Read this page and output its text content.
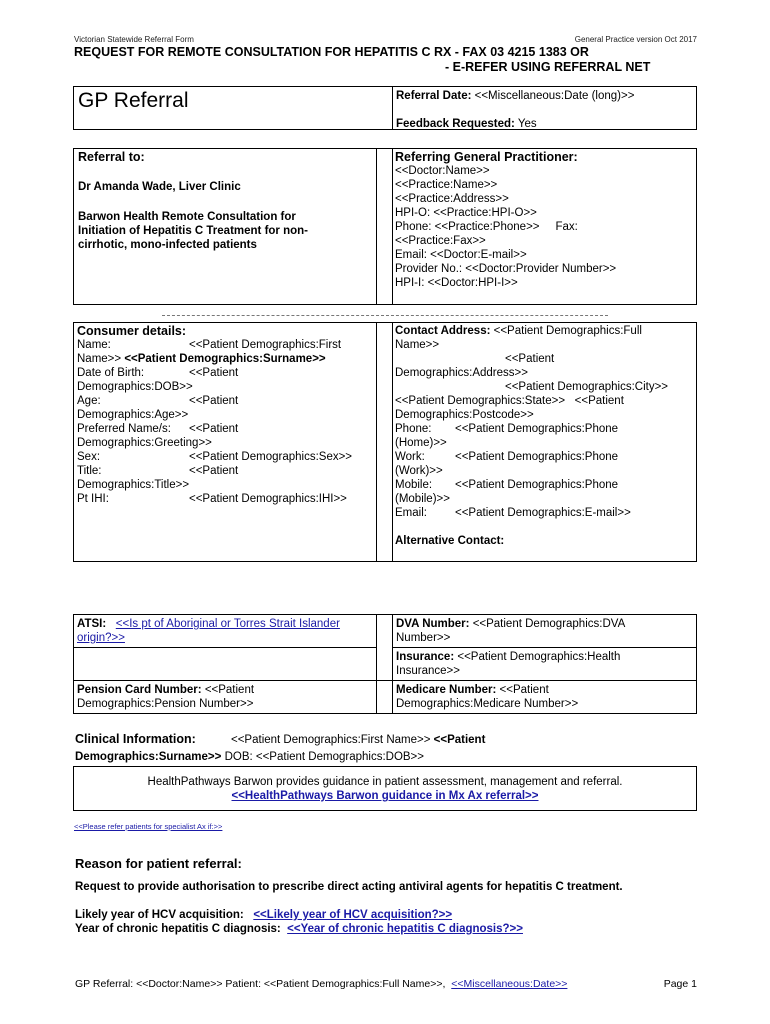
Victorian Statewide Referral Form	General Practice version Oct 2017
REQUEST FOR REMOTE CONSULTATION FOR HEPATITIS C RX - FAX 03 4215 1383 OR
- E-REFER USING REFERRAL NET
GP Referral	Referral Date: <<Miscellaneous:Date (long)>>
Feedback Requested: Yes
Referral to:
Dr Amanda Wade, Liver Clinic
Barwon Health Remote Consultation for
Initiation of Hepatitis C Treatment for non-
cirrhotic, mono-infected patients
Referring General Practitioner:
<<Doctor:Name>>
<<Practice:Name>>
<<Practice:Address>>
HPI-O: <<Practice:HPI-O>>
Phone: <<Practice:Phone>> Fax:
<<Practice:Fax>>
Email: <<Doctor:E-mail>>
Provider No.: <<Doctor:Provider Number>>
HPI-I: <<Doctor:HPI-I>>
Consumer details:
Name:	<<Patient Demographics:First
Name>> <<Patient Demographics:Surname>>
Date of Birth:	<<Patient
Demographics:DOB>>
Age:	<<Patient
Demographics:Age>>
Preferred Name/s:	<<Patient
Demographics:Greeting>>
Sex:	<<Patient Demographics:Sex>>
Title:	<<Patient
Demographics:Title>>
Pt IHI:	<<Patient Demographics:IHI>>
Contact Address: <<Patient Demographics:Full
Name>>
<<Patient
Demographics:Address>>
<<Patient Demographics:City>>
<<Patient Demographics:State>> <<Patient
Demographics:Postcode>>
Phone:	<<Patient Demographics:Phone
(Home)>>
Work:	<<Patient Demographics:Phone
(Work)>>
Mobile:	<<Patient Demographics:Phone
(Mobile)>>
Email:	<<Patient Demographics:E-mail>>
Alternative Contact:
ATSI: <<Is pt of Aboriginal or Torres Strait Islander
origin?>>
DVA Number: <<Patient Demographics:DVA
Number>>
Insurance: <<Patient Demographics:Health
Insurance>>
Pension Card Number: <<Patient
Demographics:Pension Number>>
Medicare Number: <<Patient
Demographics:Medicare Number>>
Clinical Information:	<<Patient Demographics:First Name>> <<Patient
Demographics:Surname>> DOB: <<Patient Demographics:DOB>>
HealthPathways Barwon provides guidance in patient assessment, management and referral.
<<HealthPathways Barwon guidance in Mx Ax referral>>
<<Please refer patients for specialist Ax if:>>
Reason for patient referral:
Request to provide authorisation to prescribe direct acting antiviral agents for hepatitis C treatment.
Likely year of HCV acquisition: <<Likely year of HCV acquisition?>>
Year of chronic hepatitis C diagnosis: <<Year of chronic hepatitis C diagnosis?>>
GP Referral: <<Doctor:Name>> Patient: <<Patient Demographics:Full Name>>, <<Miscellaneous:Date>>	Page 1
